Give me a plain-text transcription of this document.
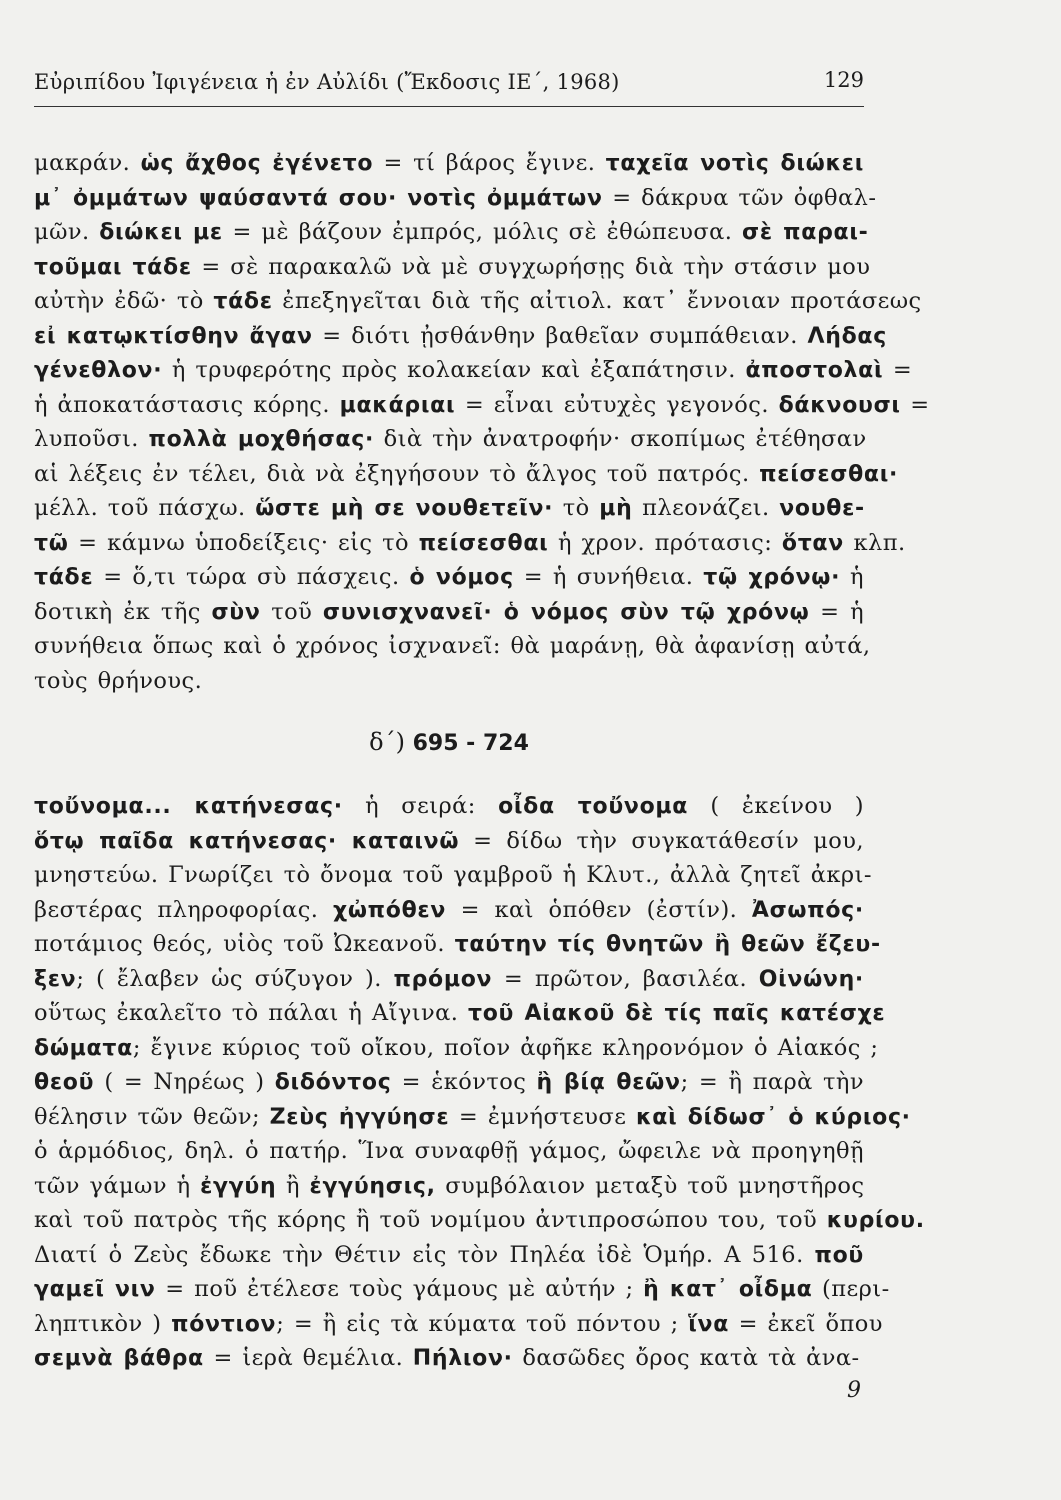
Εὐριπίδου Ἰφιγένεια ἡ ἐν Αὐλίδι (Ἔκδοσις ΙΕ΄, 1968)	129
μακράν. ὡς ἄχθος ἐγένετο = τί βάρος ἔγινε. ταχεῖα νοτὶς διώκει
μ᾽ ὀμμάτων ψαύσαντά σου· νοτὶς ὀμμάτων = δάκρυα τῶν ὀφθαλ-
μῶν. διώκει με = μὲ βάζουν ἐμπρός, μόλις σὲ ἐθώπευσα. σὲ παραι-
τοῦμαι τάδε = σὲ παρακαλῶ νὰ μὲ συγχωρήσῃς διὰ τὴν στάσιν μου
αὐτὴν ἐδῶ· τὸ τάδε ἐπεξηγεῖται διὰ τῆς αἰτιολ. κατ᾽ ἔννοιαν προτάσεως
εἰ κατῳκτίσθην ἄγαν = διότι ᾐσθάνθην βαθεῖαν συμπάθειαν. Λήδας
γένεθλον· ἡ τρυφερότης πρὸς κολακείαν καὶ ἐξαπάτησιν. ἀποστολαὶ =
ἡ ἀποκατάστασις κόρης. μακάριαι = εἶναι εὐτυχὲς γεγονός. δάκνουσι =
λυποῦσι. πολλὰ μοχθήσας· διὰ τὴν ἀνατροφήν· σκοπίμως ἐτέθησαν
αἱ λέξεις ἐν τέλει, διὰ νὰ ἐξηγήσουν τὸ ἄλγος τοῦ πατρός. πείσεσθαι·
μέλλ. τοῦ πάσχω. ὥστε μὴ σε νουθετεῖν· τὸ μὴ πλεονάζει. νουθε-
τῶ = κάμνω ὑποδείξεις· εἰς τὸ πείσεσθαι ἡ χρον. πρότασις: ὅταν κλπ.
τάδε = ὅ,τι τώρα σὺ πάσχεις. ὁ νόμος = ἡ συνήθεια. τῷ χρόνῳ· ἡ
δοτικὴ ἐκ τῆς σὺν τοῦ συνισχνανεῖ· ὁ νόμος σὺν τῷ χρόνῳ = ἡ
συνήθεια ὅπως καὶ ὁ χρόνος ἰσχνανεῖ: θὰ μαράνῃ, θὰ ἀφανίσῃ αὐτά,
τοὺς θρήνους.
δ΄) 695 - 724
τοὔνομα... κατήνεσας· ἡ σειρά: οἶδα τοὔνομα ( ἐκείνου )
ὅτῳ παῖδα κατήνεσας· καταινῶ = δίδω τὴν συγκατάθεσίν μου,
μνηστεύω. Γνωρίζει τὸ ὄνομα τοῦ γαμβροῦ ἡ Κλυτ., ἀλλὰ ζητεῖ ἀκρι-
βεστέρας πληροφορίας. χὠπόθεν = καὶ ὁπόθεν (ἐστίν). Ἀσωπός·
ποτάμιος θεός, υἱὸς τοῦ Ὠκεανοῦ. ταύτην τίς θνητῶν ἢ θεῶν ἔζευ-
ξεν; ( ἔλαβεν ὡς σύζυγον ). πρόμον = πρῶτον, βασιλέα. Οἰνώνη·
οὕτως ἐκαλεῖτο τὸ πάλαι ἡ Αἴγινα. τοῦ Αἰακοῦ δὲ τίς παῖς κατέσχε
δώματα; ἔγινε κύριος τοῦ οἴκου, ποῖον ἀφῆκε κληρονόμον ὁ Αἰακός ;
θεοῦ ( = Νηρέως ) διδόντος = ἑκόντος ἢ βίᾳ θεῶν; = ἢ παρὰ τὴν
θέλησιν τῶν θεῶν; Ζεὺς ἠγγύησε = ἐμνήστευσε καὶ δίδωσ᾽ ὁ κύριος·
ὁ ἁρμόδιος, δηλ. ὁ πατήρ. Ἵνα συναφθῇ γάμος, ὤφειλε νὰ προηγηθῇ
τῶν γάμων ἡ ἐγγύη ἢ ἐγγύησις, συμβόλαιον μεταξὺ τοῦ μνηστῆρος
καὶ τοῦ πατρὸς τῆς κόρης ἢ τοῦ νομίμου ἀντιπροσώπου του, τοῦ κυρίου.
Διατί ὁ Ζεὺς ἔδωκε τὴν Θέτιν εἰς τὸν Πηλέα ἰδὲ Ὁμήρ. Α 516. ποῦ
γαμεῖ νιν = ποῦ ἐτέλεσε τοὺς γάμους μὲ αὐτήν ; ἢ κατ᾽ οἶδμα (περι-
ληπτικὸν ) πόντιον; = ἢ εἰς τὰ κύματα τοῦ πόντου ; ἵνα = ἐκεῖ ὅπου
σεμνὰ βάθρα = ἱερὰ θεμέλια. Πήλιον· δασῶδες ὄρος κατὰ τὰ ἀνα-
9
